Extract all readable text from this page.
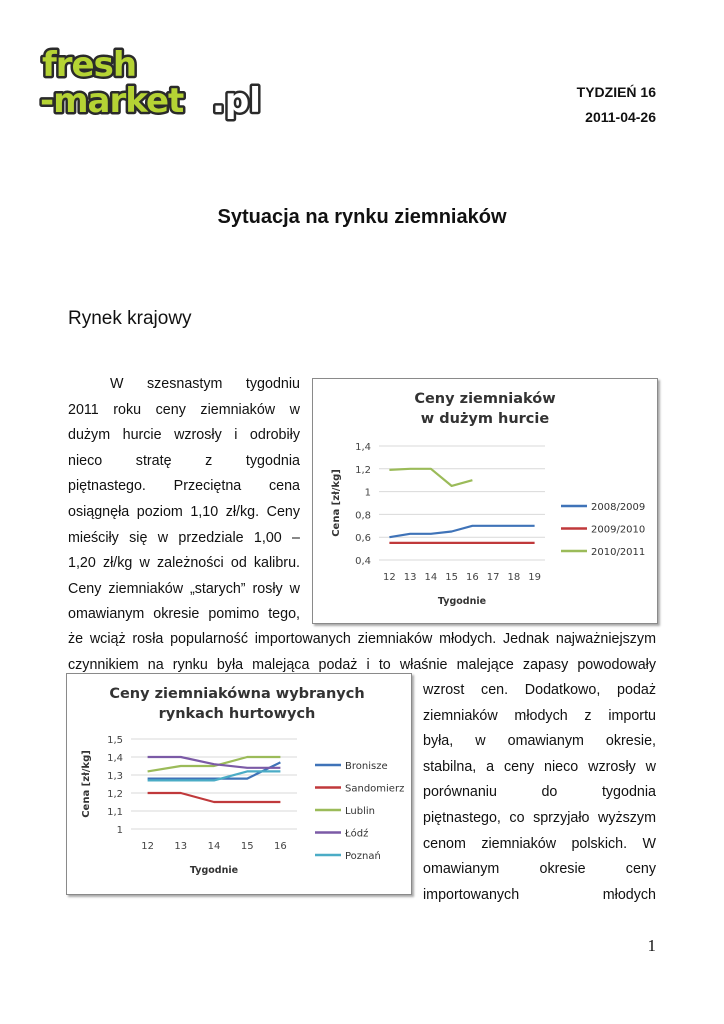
fresh
-market .pl	TYDZIEŃ 16
2011-04-26
Sytuacja na rynku ziemniaków
Rynek krajowy
W szesnastym tygodniu
2011 roku ceny ziemniaków w
dużym hurcie wzrosły i odrobiły
nieco stratę z tygodnia
piętnastego. Przeciętna cena
osiągnęła poziom 1,10 zł/kg. Ceny
mieściły się w przedziale 1,00 –
1,20 zł/kg w zależności od kalibru.
Ceny ziemniaków „starych” rosły w
omawianym okresie pomimo tego,
że wciąż rosła popularność importowanych ziemniaków młodych. Jednak najważniejszym
czynnikiem na rynku była malejąca podaż i to właśnie malejące zapasy powodowały
wzrost cen. Dodatkowo, podaż
ziemniaków młodych z importu
była, w omawianym okresie,
stabilna, a ceny nieco wzrosły w
porównaniu do tygodnia
piętnastego, co sprzyjało wyższym
cenom ziemniaków polskich. W
omawianym okresie ceny
importowanych młodych
Ceny ziemniaków
w dużym hurcie
1,4
1,2
1
0,8
0,6
0,4
12 13 14 15 16 17 18 19
Tygodnie
Cena [zł/kg]	2008/2009
2009/2010
2010/2011
Ceny ziemniakówna wybranych
rynkach hurtowych
1,5
1,4
1,3
1,2
1,1
1
12 13 14 15 16
Tygodnie
Cena [zł/kg]	Bronisze
Sandomierz
Lublin
Łódź
Poznań
1
